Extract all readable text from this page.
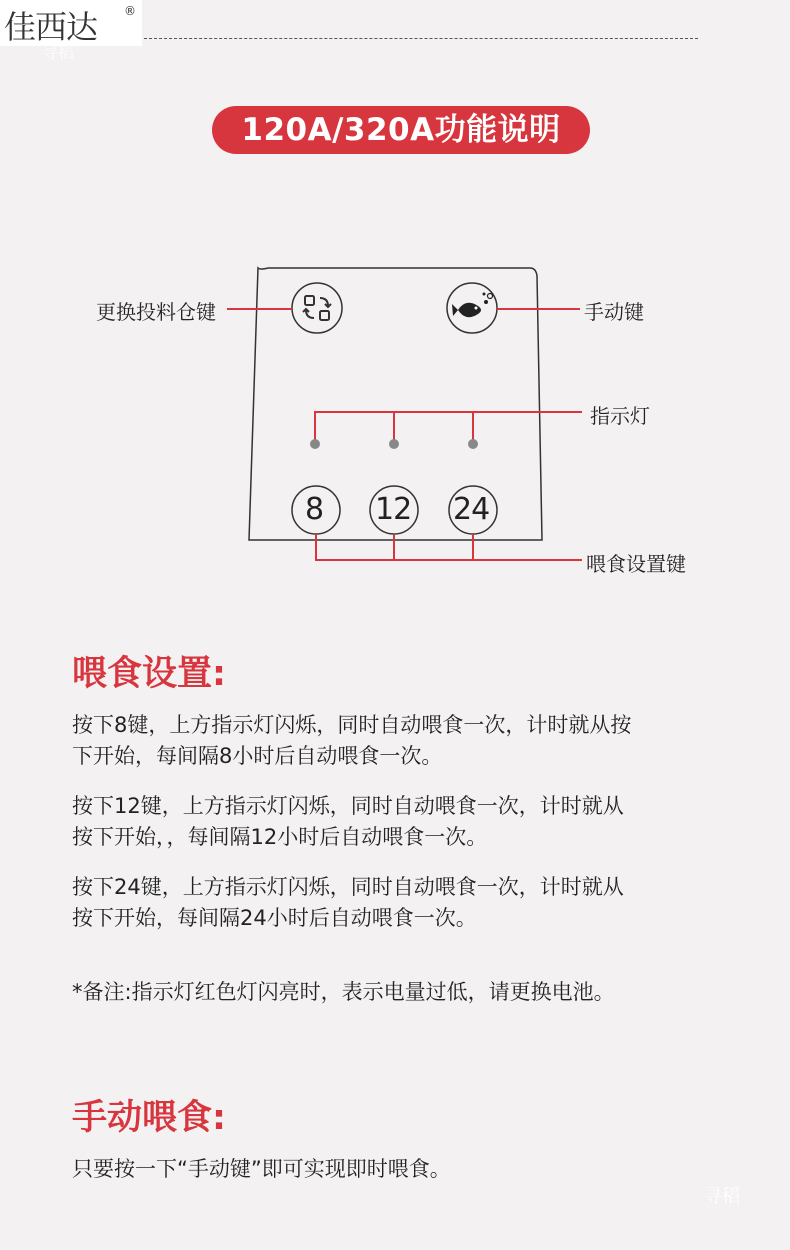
佳西达 ®
寻稻
120A/320A功能说明
8 12 24
更换投料仓键	手动键
指示灯
喂食设置键
喂食设置:
按下8键，上方指示灯闪烁，同时自动喂食一次，计时就从按
下开始，每间隔8小时后自动喂食一次。
按下12键，上方指示灯闪烁，同时自动喂食一次，计时就从
按下开始，，每间隔12小时后自动喂食一次。
按下24键，上方指示灯闪烁，同时自动喂食一次，计时就从
按下开始，每间隔24小时后自动喂食一次。
*备注:指示灯红色灯闪亮时，表示电量过低，请更换电池。
手动喂食:
只要按一下“手动键”即可实现即时喂食。
寻稻
